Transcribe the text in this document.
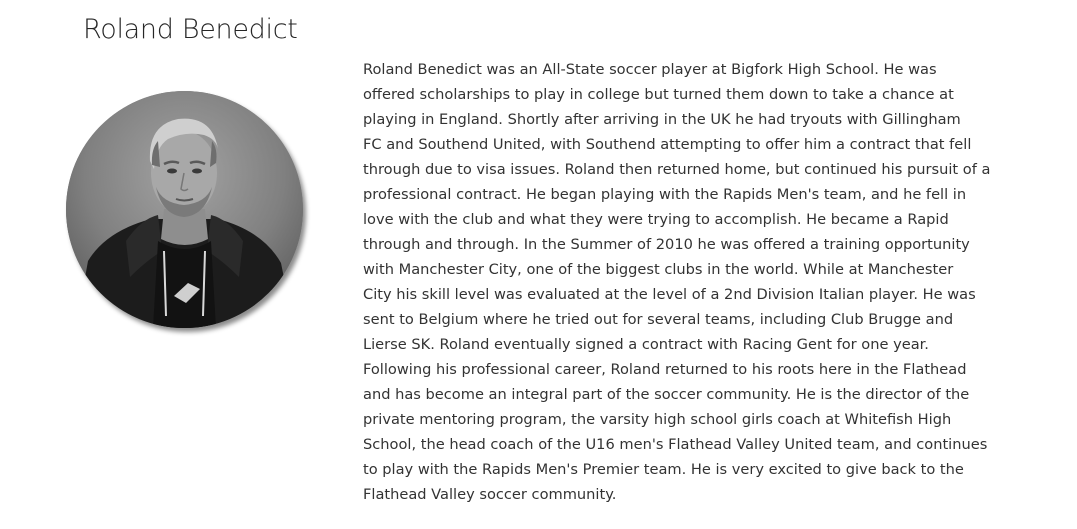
Roland Benedict

Roland Benedict was an All-State soccer player at Bigfork High School. He was
offered scholarships to play in college but turned them down to take a chance at
playing in England. Shortly after arriving in the UK he had tryouts with Gillingham
FC and Southend United, with Southend attempting to offer him a contract that fell
through due to visa issues. Roland then returned home, but continued his pursuit of a
professional contract. He began playing with the Rapids Men's team, and he fell in
love with the club and what they were trying to accomplish. He became a Rapid
through and through. In the Summer of 2010 he was offered a training opportunity
with Manchester City, one of the biggest clubs in the world. While at Manchester
City his skill level was evaluated at the level of a 2nd Division Italian player. He was
sent to Belgium where he tried out for several teams, including Club Brugge and
Lierse SK. Roland eventually signed a contract with Racing Gent for one year.
Following his professional career, Roland returned to his roots here in the Flathead
and has become an integral part of the soccer community. He is the director of the
private mentoring program, the varsity high school girls coach at Whitefish High
School, the head coach of the U16 men's Flathead Valley United team, and continues
to play with the Rapids Men's Premier team. He is very excited to give back to the
Flathead Valley soccer community.
